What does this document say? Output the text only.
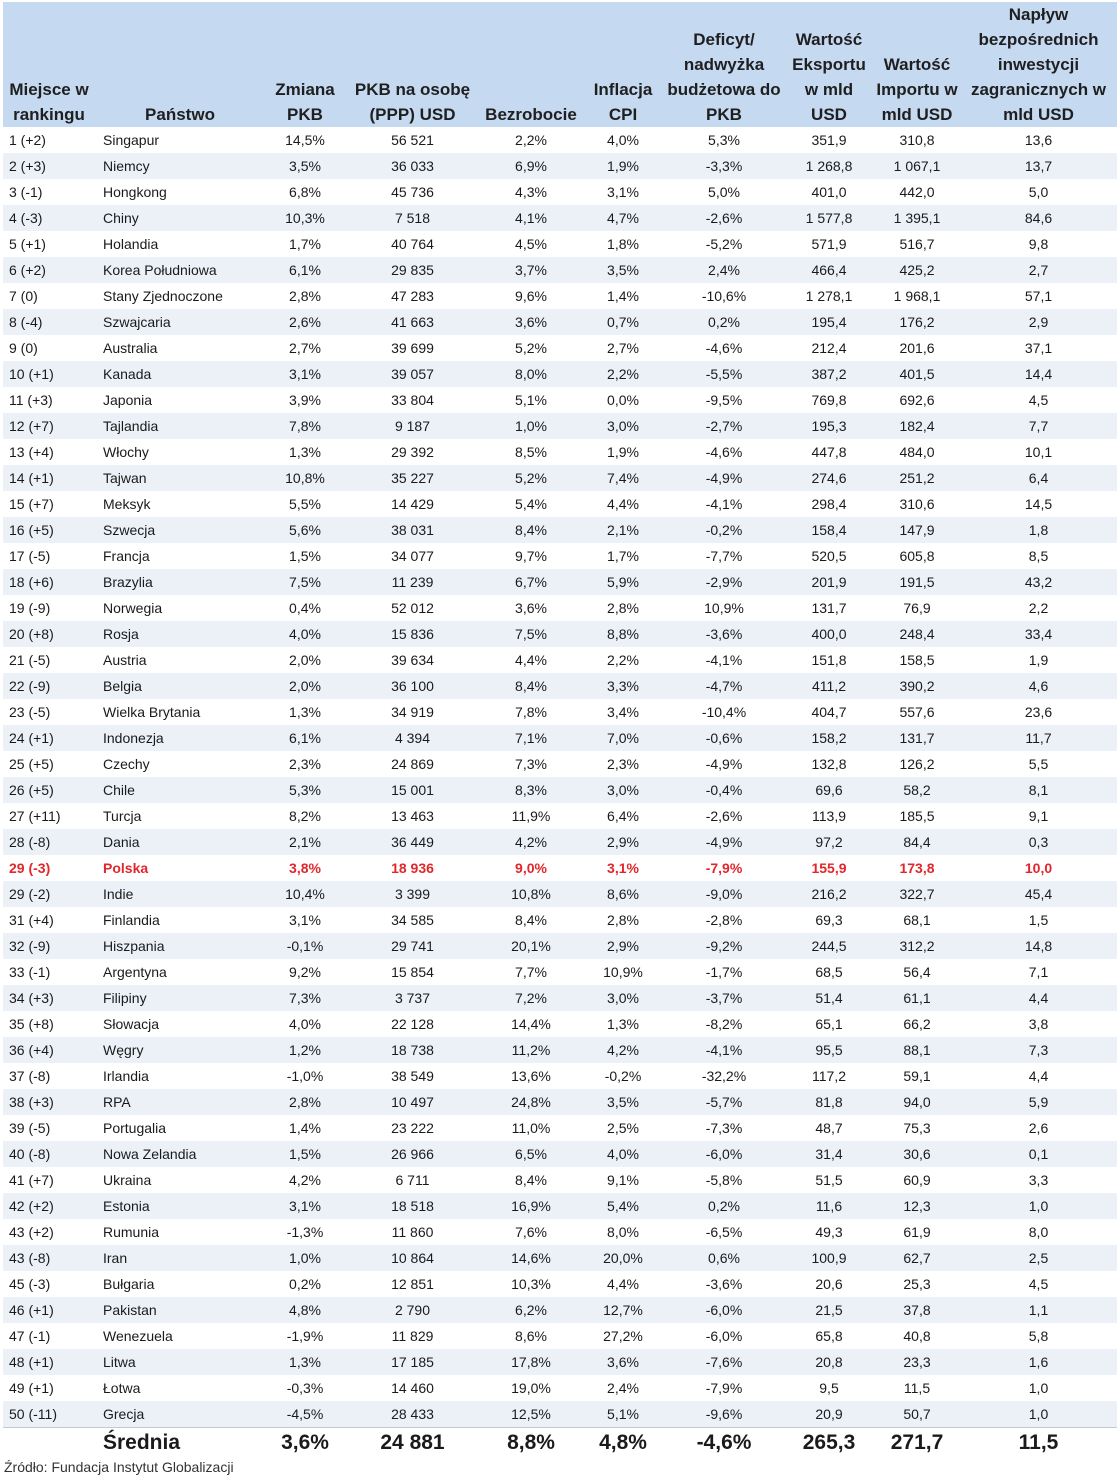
Miejsce w rankingu	Państwo	Zmiana PKB	PKB na osobę (PPP) USD	Bezrobocie	Inflacja CPI	Deficyt/ nadwyżka budżetowa do PKB	Wartość Eksportu w mld USD	Wartość Importu w mld USD	Napływ bezpośrednich inwestycji zagranicznych w mld USD
1 (+2)	Singapur	14,5%	56 521	2,2%	4,0%	5,3%	351,9	310,8	13,6
2 (+3)	Niemcy	3,5%	36 033	6,9%	1,9%	-3,3%	1 268,8	1 067,1	13,7
3 (-1)	Hongkong	6,8%	45 736	4,3%	3,1%	5,0%	401,0	442,0	5,0
4 (-3)	Chiny	10,3%	7 518	4,1%	4,7%	-2,6%	1 577,8	1 395,1	84,6
5 (+1)	Holandia	1,7%	40 764	4,5%	1,8%	-5,2%	571,9	516,7	9,8
6 (+2)	Korea Południowa	6,1%	29 835	3,7%	3,5%	2,4%	466,4	425,2	2,7
7 (0)	Stany Zjednoczone	2,8%	47 283	9,6%	1,4%	-10,6%	1 278,1	1 968,1	57,1
8 (-4)	Szwajcaria	2,6%	41 663	3,6%	0,7%	0,2%	195,4	176,2	2,9
9 (0)	Australia	2,7%	39 699	5,2%	2,7%	-4,6%	212,4	201,6	37,1
10 (+1)	Kanada	3,1%	39 057	8,0%	2,2%	-5,5%	387,2	401,5	14,4
11 (+3)	Japonia	3,9%	33 804	5,1%	0,0%	-9,5%	769,8	692,6	4,5
12 (+7)	Tajlandia	7,8%	9 187	1,0%	3,0%	-2,7%	195,3	182,4	7,7
13 (+4)	Włochy	1,3%	29 392	8,5%	1,9%	-4,6%	447,8	484,0	10,1
14 (+1)	Tajwan	10,8%	35 227	5,2%	7,4%	-4,9%	274,6	251,2	6,4
15 (+7)	Meksyk	5,5%	14 429	5,4%	4,4%	-4,1%	298,4	310,6	14,5
16 (+5)	Szwecja	5,6%	38 031	8,4%	2,1%	-0,2%	158,4	147,9	1,8
17 (-5)	Francja	1,5%	34 077	9,7%	1,7%	-7,7%	520,5	605,8	8,5
18 (+6)	Brazylia	7,5%	11 239	6,7%	5,9%	-2,9%	201,9	191,5	43,2
19 (-9)	Norwegia	0,4%	52 012	3,6%	2,8%	10,9%	131,7	76,9	2,2
20 (+8)	Rosja	4,0%	15 836	7,5%	8,8%	-3,6%	400,0	248,4	33,4
21 (-5)	Austria	2,0%	39 634	4,4%	2,2%	-4,1%	151,8	158,5	1,9
22 (-9)	Belgia	2,0%	36 100	8,4%	3,3%	-4,7%	411,2	390,2	4,6
23 (-5)	Wielka Brytania	1,3%	34 919	7,8%	3,4%	-10,4%	404,7	557,6	23,6
24 (+1)	Indonezja	6,1%	4 394	7,1%	7,0%	-0,6%	158,2	131,7	11,7
25 (+5)	Czechy	2,3%	24 869	7,3%	2,3%	-4,9%	132,8	126,2	5,5
26 (+5)	Chile	5,3%	15 001	8,3%	3,0%	-0,4%	69,6	58,2	8,1
27 (+11)	Turcja	8,2%	13 463	11,9%	6,4%	-2,6%	113,9	185,5	9,1
28 (-8)	Dania	2,1%	36 449	4,2%	2,9%	-4,9%	97,2	84,4	0,3
29 (-3)	Polska	3,8%	18 936	9,0%	3,1%	-7,9%	155,9	173,8	10,0
29 (-2)	Indie	10,4%	3 399	10,8%	8,6%	-9,0%	216,2	322,7	45,4
31 (+4)	Finlandia	3,1%	34 585	8,4%	2,8%	-2,8%	69,3	68,1	1,5
32 (-9)	Hiszpania	-0,1%	29 741	20,1%	2,9%	-9,2%	244,5	312,2	14,8
33 (-1)	Argentyna	9,2%	15 854	7,7%	10,9%	-1,7%	68,5	56,4	7,1
34 (+3)	Filipiny	7,3%	3 737	7,2%	3,0%	-3,7%	51,4	61,1	4,4
35 (+8)	Słowacja	4,0%	22 128	14,4%	1,3%	-8,2%	65,1	66,2	3,8
36 (+4)	Węgry	1,2%	18 738	11,2%	4,2%	-4,1%	95,5	88,1	7,3
37 (-8)	Irlandia	-1,0%	38 549	13,6%	-0,2%	-32,2%	117,2	59,1	4,4
38 (+3)	RPA	2,8%	10 497	24,8%	3,5%	-5,7%	81,8	94,0	5,9
39 (-5)	Portugalia	1,4%	23 222	11,0%	2,5%	-7,3%	48,7	75,3	2,6
40 (-8)	Nowa Zelandia	1,5%	26 966	6,5%	4,0%	-6,0%	31,4	30,6	0,1
41 (+7)	Ukraina	4,2%	6 711	8,4%	9,1%	-5,8%	51,5	60,9	3,3
42 (+2)	Estonia	3,1%	18 518	16,9%	5,4%	0,2%	11,6	12,3	1,0
43 (+2)	Rumunia	-1,3%	11 860	7,6%	8,0%	-6,5%	49,3	61,9	8,0
43 (-8)	Iran	1,0%	10 864	14,6%	20,0%	0,6%	100,9	62,7	2,5
45 (-3)	Bułgaria	0,2%	12 851	10,3%	4,4%	-3,6%	20,6	25,3	4,5
46 (+1)	Pakistan	4,8%	2 790	6,2%	12,7%	-6,0%	21,5	37,8	1,1
47 (-1)	Wenezuela	-1,9%	11 829	8,6%	27,2%	-6,0%	65,8	40,8	5,8
48 (+1)	Litwa	1,3%	17 185	17,8%	3,6%	-7,6%	20,8	23,3	1,6
49 (+1)	Łotwa	-0,3%	14 460	19,0%	2,4%	-7,9%	9,5	11,5	1,0
50 (-11)	Grecja	-4,5%	28 433	12,5%	5,1%	-9,6%	20,9	50,7	1,0
	Średnia	3,6%	24 881	8,8%	4,8%	-4,6%	265,3	271,7	11,5
Źródło: Fundacja Instytut Globalizacji
